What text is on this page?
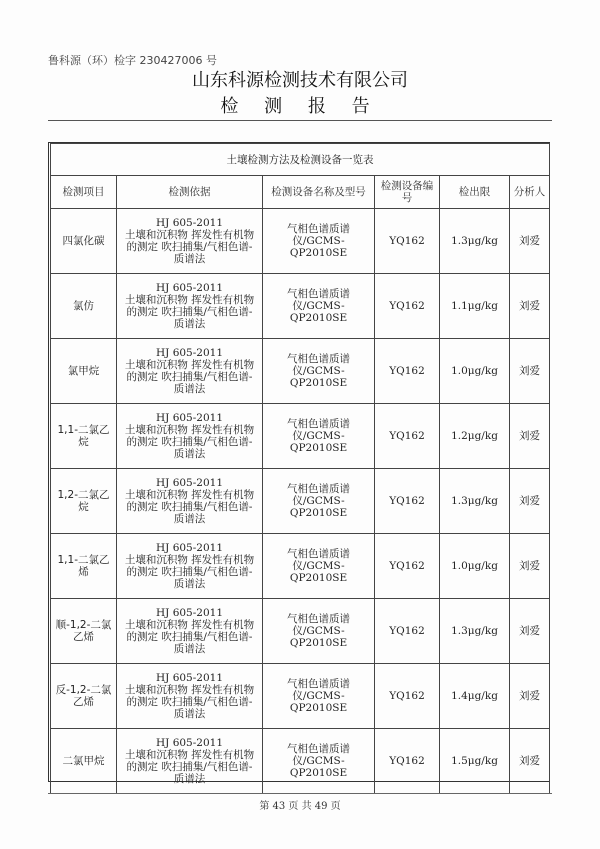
鲁科源（环）检字 230427006 号
山东科源检测技术有限公司
检 测 报 告
土壤检测方法及检测设备一览表					
检测项目	检测依据	检测设备名称及型号	检测设备编号	检出限	分析人
四氯化碳	HJ 605-2011
土壤和沉积物 挥发性有机物
的测定 吹扫捕集/气相色谱-
质谱法	气相色谱质谱仪/GCMS-QP2010SE	YQ162	1.3μg/kg	刘爱
氯仿	HJ 605-2011
土壤和沉积物 挥发性有机物
的测定 吹扫捕集/气相色谱-
质谱法	气相色谱质谱仪/GCMS-QP2010SE	YQ162	1.1μg/kg	刘爱
氯甲烷	HJ 605-2011
土壤和沉积物 挥发性有机物
的测定 吹扫捕集/气相色谱-
质谱法	气相色谱质谱仪/GCMS-QP2010SE	YQ162	1.0μg/kg	刘爱
1,1-二氯乙烷	HJ 605-2011
土壤和沉积物 挥发性有机物
的测定 吹扫捕集/气相色谱-
质谱法	气相色谱质谱仪/GCMS-QP2010SE	YQ162	1.2μg/kg	刘爱
1,2-二氯乙烷	HJ 605-2011
土壤和沉积物 挥发性有机物
的测定 吹扫捕集/气相色谱-
质谱法	气相色谱质谱仪/GCMS-QP2010SE	YQ162	1.3μg/kg	刘爱
1,1-二氯乙烯	HJ 605-2011
土壤和沉积物 挥发性有机物
的测定 吹扫捕集/气相色谱-
质谱法	气相色谱质谱仪/GCMS-QP2010SE	YQ162	1.0μg/kg	刘爱
顺-1,2-二氯乙烯	HJ 605-2011
土壤和沉积物 挥发性有机物
的测定 吹扫捕集/气相色谱-
质谱法	气相色谱质谱仪/GCMS-QP2010SE	YQ162	1.3μg/kg	刘爱
反-1,2-二氯乙烯	HJ 605-2011
土壤和沉积物 挥发性有机物
的测定 吹扫捕集/气相色谱-
质谱法	气相色谱质谱仪/GCMS-QP2010SE	YQ162	1.4μg/kg	刘爱
二氯甲烷	HJ 605-2011
土壤和沉积物 挥发性有机物
的测定 吹扫捕集/气相色谱-
质谱法	气相色谱质谱仪/GCMS-QP2010SE	YQ162	1.5μg/kg	刘爱
第 43 页 共 49 页
